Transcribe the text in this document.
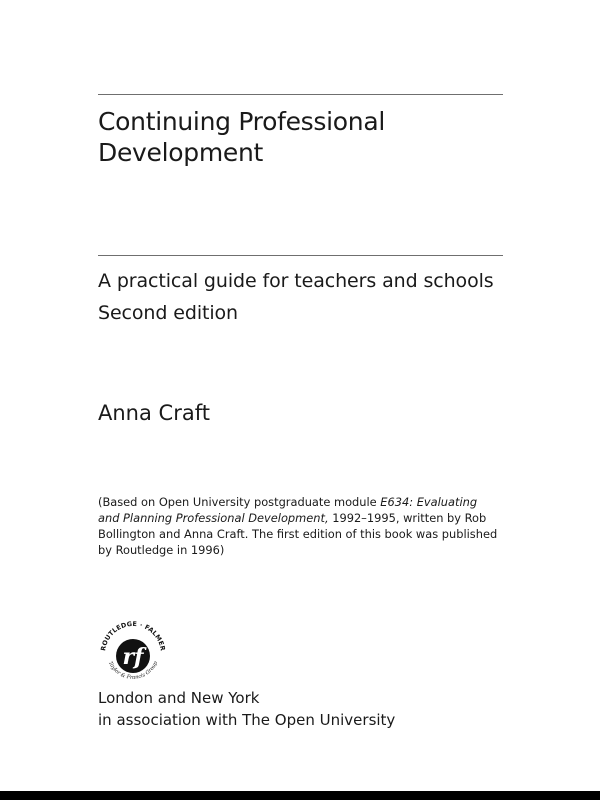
Continuing Professional
Development
A practical guide for teachers and schools
Second edition

Anna Craft

(Based on Open University postgraduate module E634: Evaluating and Planning Professional Development, 1992–1995, written by Rob Bollington and Anna Craft. The first edition of this book was published by Routledge in 1996)

ROUTLEDGE · FALMER
Taylor & Francis Group
rf

London and New York
in association with The Open University
